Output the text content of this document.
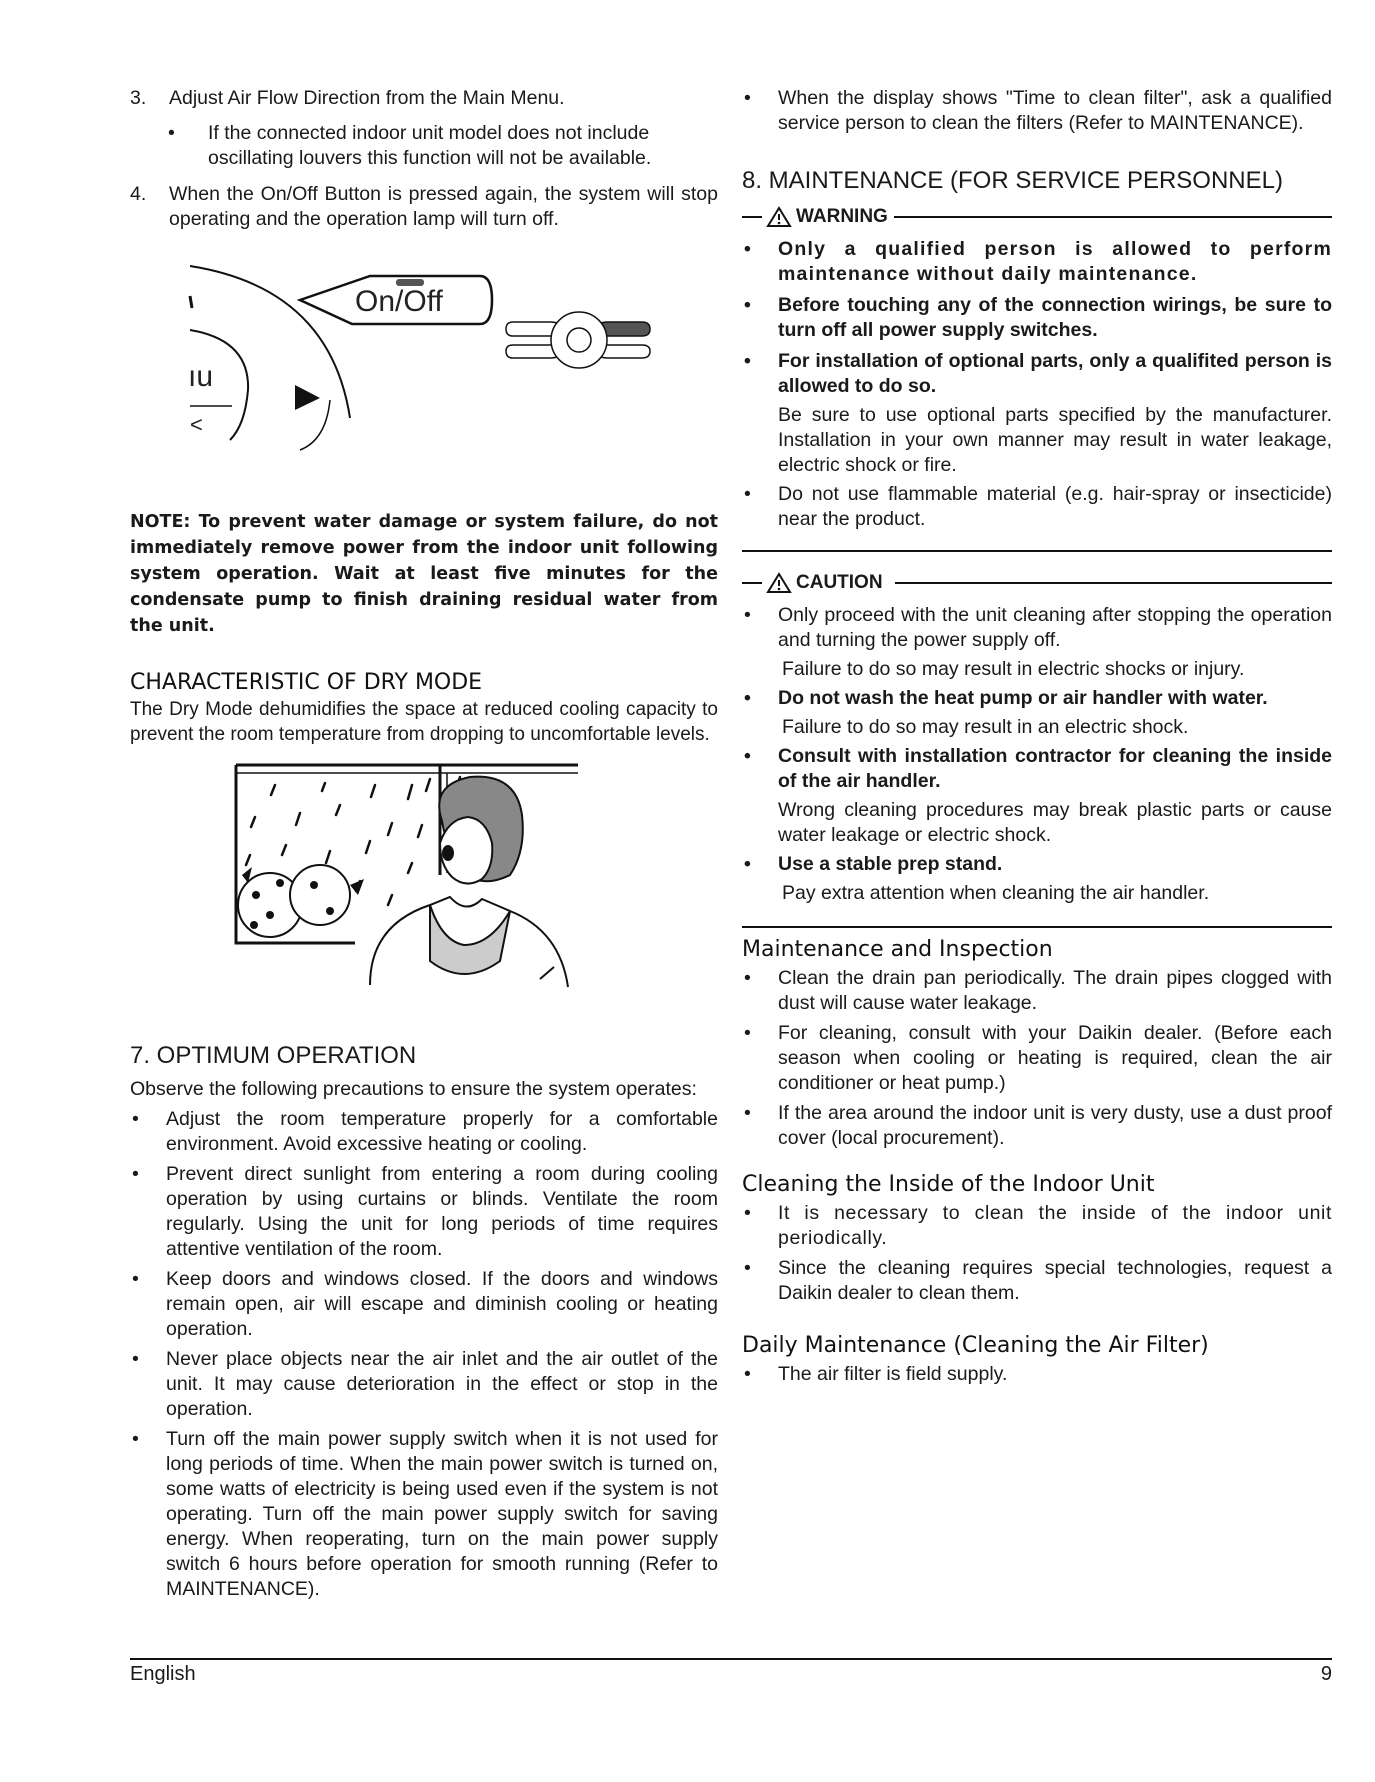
3. Adjust Air Flow Direction from the Main Menu.
• If the connected indoor unit model does not include oscillating louvers this function will not be available.
4. When the On/Off Button is pressed again, the system will stop operating and the operation lamp will turn off.
On/Off
ıu
<
NOTE: To prevent water damage or system failure, do not immediately remove power from the indoor unit following system operation. Wait at least five minutes for the condensate pump to finish draining residual water from the unit.
CHARACTERISTIC OF DRY MODE
The Dry Mode dehumidifies the space at reduced cooling capacity to prevent the room temperature from dropping to uncomfortable levels.
7. OPTIMUM OPERATION
Observe the following precautions to ensure the system operates:
• Adjust the room temperature properly for a comfortable environment. Avoid excessive heating or cooling.
• Prevent direct sunlight from entering a room during cooling operation by using curtains or blinds. Ventilate the room regularly. Using the unit for long periods of time requires attentive ventilation of the room.
• Keep doors and windows closed. If the doors and windows remain open, air will escape and diminish cooling or heating operation.
• Never place objects near the air inlet and the air outlet of the unit. It may cause deterioration in the effect or stop in the operation.
• Turn off the main power supply switch when it is not used for long periods of time. When the main power switch is turned on, some watts of electricity is being used even if the system is not operating. Turn off the main power supply switch for saving energy. When reoperating, turn on the main power supply switch 6 hours before operation for smooth running (Refer to MAINTENANCE).
• When the display shows "Time to clean filter", ask a qualified service person to clean the filters (Refer to MAINTENANCE).
8. MAINTENANCE (FOR SERVICE PERSONNEL)
WARNING
• Only a qualified person is allowed to perform maintenance without daily maintenance.
• Before touching any of the connection wirings, be sure to turn off all power supply switches.
• For installation of optional parts, only a qualifited person is allowed to do so.
Be sure to use optional parts specified by the manufacturer. Installation in your own manner may result in water leakage, electric shock or fire.
• Do not use flammable material (e.g. hair-spray or insecticide) near the product.
CAUTION
• Only proceed with the unit cleaning after stopping the operation and turning the power supply off.
Failure to do so may result in electric shocks or injury.
• Do not wash the heat pump or air handler with water.
Failure to do so may result in an electric shock.
• Consult with installation contractor for cleaning the inside of the air handler.
Wrong cleaning procedures may break plastic parts or cause water leakage or electric shock.
• Use a stable prep stand.
Pay extra attention when cleaning the air handler.
Maintenance and Inspection
• Clean the drain pan periodically. The drain pipes clogged with dust will cause water leakage.
• For cleaning, consult with your Daikin dealer. (Before each season when cooling or heating is required, clean the air conditioner or heat pump.)
• If the area around the indoor unit is very dusty, use a dust proof cover (local procurement).
Cleaning the Inside of the Indoor Unit
• It is necessary to clean the inside of the indoor unit periodically.
• Since the cleaning requires special technologies, request a Daikin dealer to clean them.
Daily Maintenance (Cleaning the Air Filter)
• The air filter is field supply.
English	9
